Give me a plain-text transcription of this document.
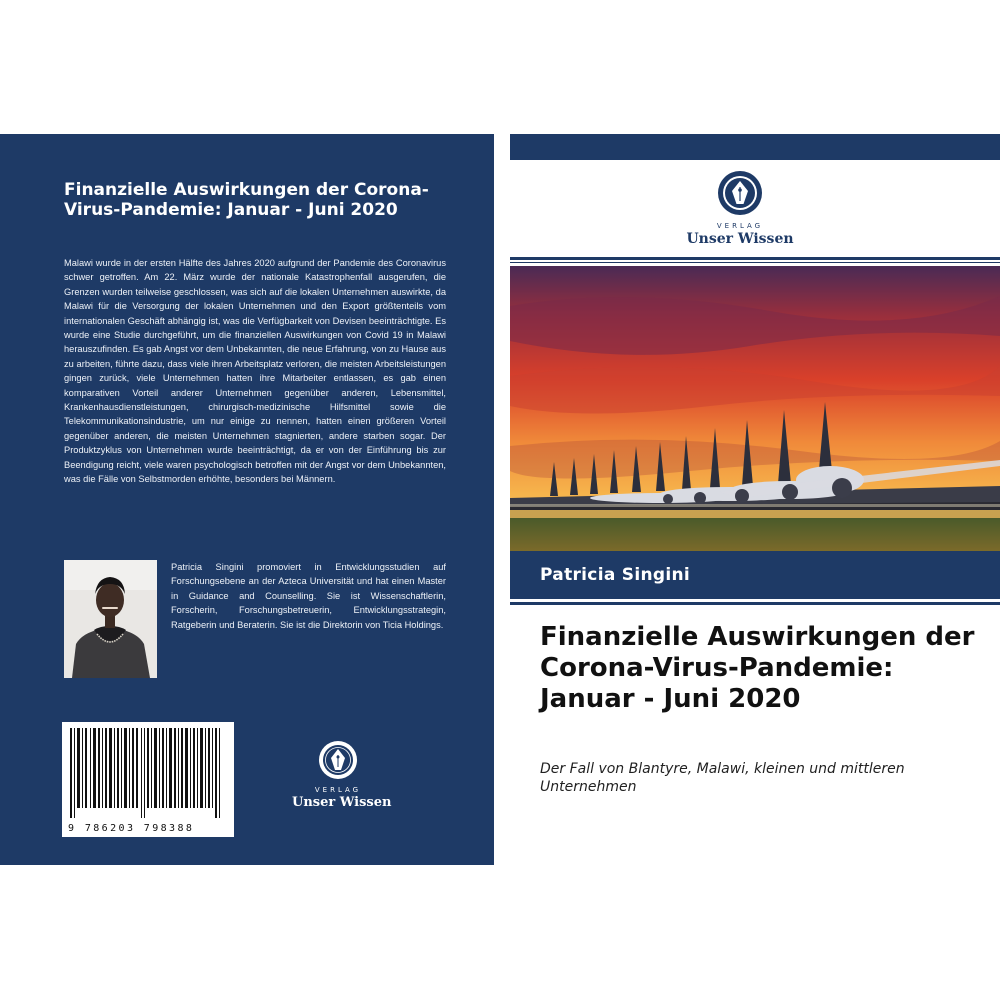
Finanzielle Auswirkungen der Corona-Virus-Pandemie: Januar - Juni 2020

Malawi wurde in der ersten Hälfte des Jahres 2020 aufgrund der Pandemie des Coronavirus schwer getroffen. Am 22. März wurde der nationale Katastrophenfall ausgerufen, die Grenzen wurden teilweise geschlossen, was sich auf die lokalen Unternehmen auswirkte, da Malawi für die Versorgung der lokalen Unternehmen und den Export größtenteils vom internationalen Geschäft abhängig ist, was die Verfügbarkeit von Devisen beeinträchtigte. Es wurde eine Studie durchgeführt, um die finanziellen Auswirkungen von Covid 19 in Malawi herauszufinden. Es gab Angst vor dem Unbekannten, die neue Erfahrung, von zu Hause aus zu arbeiten, führte dazu, dass viele ihren Arbeitsplatz verloren, die meisten Arbeitsleistungen gingen zurück, viele Unternehmen hatten ihre Mitarbeiter entlassen, es gab einen komparativen Vorteil anderer Unternehmen gegenüber anderen, Lebensmittel, Krankenhausdienstleistungen, chirurgisch-medizinische Hilfsmittel sowie die Telekommunikationsindustrie, um nur einige zu nennen, hatten einen größeren Vorteil gegenüber anderen, die meisten Unternehmen stagnierten, andere starben sogar. Der Produktzyklus von Unternehmen wurde beeinträchtigt, da er von der Einführung bis zur Beendigung reicht, viele waren psychologisch betroffen mit der Angst vor dem Unbekannten, was die Fälle von Selbstmorden erhöhte, besonders bei Männern.

Patricia Singini promoviert in Entwicklungsstudien auf Forschungsebene an der Azteca Universität und hat einen Master in Guidance and Counselling. Sie ist Wissenschaftlerin, Forscherin, Forschungsbetreuerin, Entwicklungsstrategin, Ratgeberin und Beraterin. Sie ist die Direktorin von Ticia Holdings.

9 786203 798388
VERLAG
Unser Wissen
VERLAG
Unser Wissen

Patricia Singini

Finanzielle Auswirkungen der Corona-Virus-Pandemie: Januar - Juni 2020

Der Fall von Blantyre, Malawi, kleinen und mittleren Unternehmen
